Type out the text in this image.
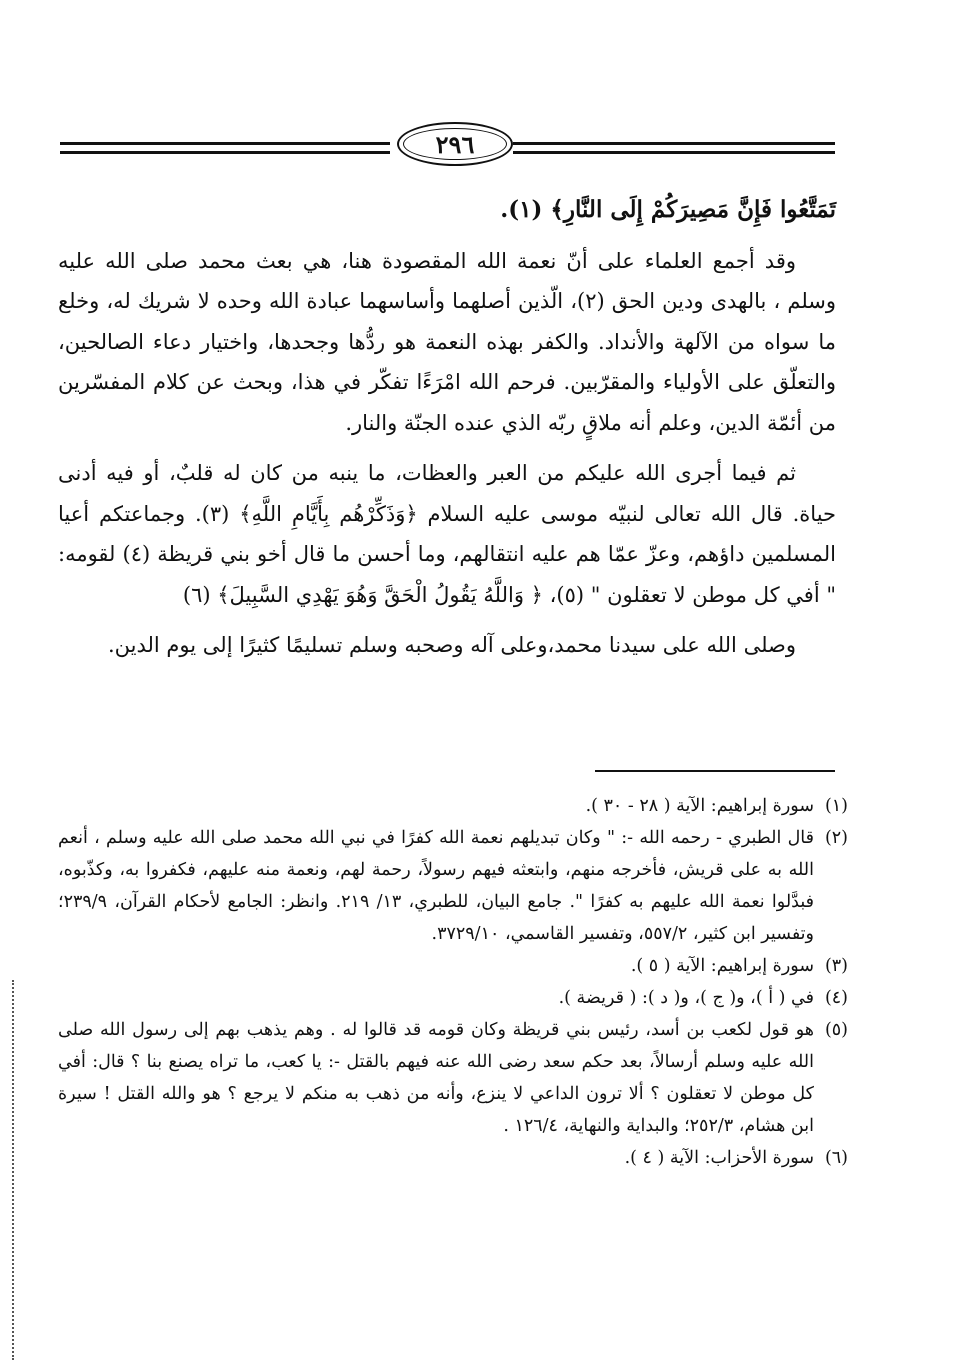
٢٩٦

تَمَتَّعُوا فَإِنَّ مَصِيرَكُمْ إِلَى النَّارِ﴾ (١).

وقد أجمع العلماء على أنّ نعمة الله المقصودة هنا، هي بعث محمد صلى الله عليه وسلم ، بالهدى ودين الحق (٢)، الّذين أصلهما وأساسهما عبادة الله وحده لا شريك له، وخلع ما سواه من الآلهة والأنداد. والكفر بهذه النعمة هو ردُّها وجحدها، واختيار دعاء الصالحين، والتعلّق على الأولياء والمقرّبين. فرحم الله امْرَءًا تفكّر في هذا، وبحث عن كلام المفسّرين من أئمّة الدين، وعلم أنه ملاقٍ ربّه الذي عنده الجنّة والنار.

ثم فيما أجرى الله عليكم من العبر والعظات، ما ينبه من كان له قلبٌ، أو فيه أدنى حياة. قال الله تعالى لنبيّه موسى عليه السلام ﴿وَذَكِّرْهُم بِأَيَّامِ اللَّهِ﴾ (٣). وجماعتكم أعيا المسلمين داؤهم، وعزّ عمّا هم عليه انتقالهم، وما أحسن ما قال أخو بني قريظة (٤) لقومه: " أفي كل موطن لا تعقلون " (٥)، ﴿ وَاللَّهُ يَقُولُ الْحَقَّ وَهُوَ يَهْدِي السَّبِيلَ﴾ (٦)

وصلى الله على سيدنا محمد،وعلى آله وصحبه وسلم تسليمًا كثيرًا إلى يوم الدين.

(١)
سورة إبراهيم: الآية ( ٢٨ - ٣٠ ).

(٢)
قال الطبري - رحمه الله -: " وكان تبديلهم نعمة الله كفرًا في نبي الله محمد صلى الله عليه وسلم ، أنعم الله به على قريش، فأخرجه منهم، وابتعثه فيهم رسولاً، رحمة لهم، ونعمة منه عليهم، فكفروا به، وكذّبوه، فبدَّلوا نعمة الله عليهم به كفرًا ". جامع البيان، للطبري، ١٣/ ٢١٩. وانظر: الجامع لأحكام القرآن، ٢٣٩/٩؛ وتفسير ابن كثير، ٥٥٧/٢، وتفسير القاسمي، ٣٧٢٩/١٠.

(٣)
سورة إبراهيم: الآية ( ٥ ).

(٤)
في ( أ )، و( ج )، و( د ): ( قريضة ).

(٥)
هو قول لكعب بن أسد، رئيس بني قريظة وكان قومه قد قالوا له . وهم يذهب بهم إلى رسول الله صلى الله عليه وسلم أرسالاً، بعد حكم سعد رضى الله عنه فيهم بالقتل -: يا كعب، ما تراه يصنع بنا ؟ قال: أفي كل موطن لا تعقلون ؟ ألا ترون الداعي لا ينزع، وأنه من ذهب به منكم لا يرجع ؟ هو والله القتل ! سيرة ابن هشام، ٢٥٢/٣؛ والبداية والنهاية، ١٢٦/٤ .

(٦)
سورة الأحزاب: الآية ( ٤ ).
